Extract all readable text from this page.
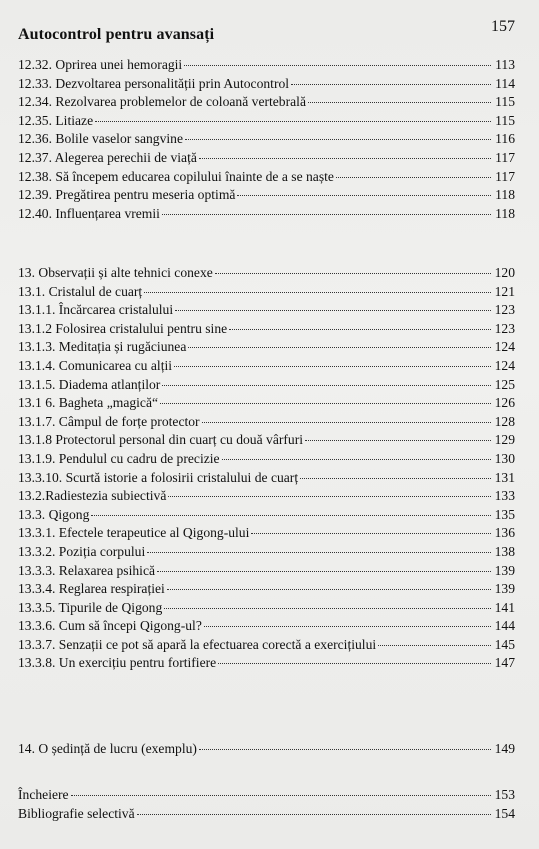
Autocontrol pentru avansați	157
12.32. Oprirea unei hemoragii	113
12.33. Dezvoltarea personalității prin Autocontrol	114
12.34. Rezolvarea problemelor de coloană vertebrală	115
12.35. Litiaze	115
12.36. Bolile vaselor sangvine	116
12.37. Alegerea perechii de viață	117
12.38. Să începem educarea copilului înainte de a se naște	117
12.39. Pregătirea pentru meseria optimă	118
12.40. Influențarea vremii	118
13. Observații și alte tehnici conexe	120
13.1. Cristalul de cuarț	121
13.1.1. Încărcarea cristalului	123
13.1.2 Folosirea cristalului pentru sine	123
13.1.3. Meditația și rugăciunea	124
13.1.4. Comunicarea cu alții	124
13.1.5. Diadema atlanților	125
13.1 6. Bagheta „magică“	126
13.1.7. Câmpul de forțe protector	128
13.1.8 Protectorul personal din cuarț cu două vârfuri	129
13.1.9. Pendulul cu cadru de precizie	130
13.3.10. Scurtă istorie a folosirii cristalului de cuarț	131
13.2.Radiestezia subiectivă	133
13.3. Qigong	135
13.3.1. Efectele terapeutice al Qigong-ului	136
13.3.2. Poziția corpului	138
13.3.3. Relaxarea psihică	139
13.3.4. Reglarea respirației	139
13.3.5. Tipurile de Qigong	141
13.3.6. Cum să începi Qigong-ul?	144
13.3.7. Senzații ce pot să apară la efectuarea corectă a exercițiului	145
13.3.8. Un exercițiu pentru fortifiere	147
14. O ședință de lucru (exemplu)	149
Încheiere	153
Bibliografie selectivă	154
